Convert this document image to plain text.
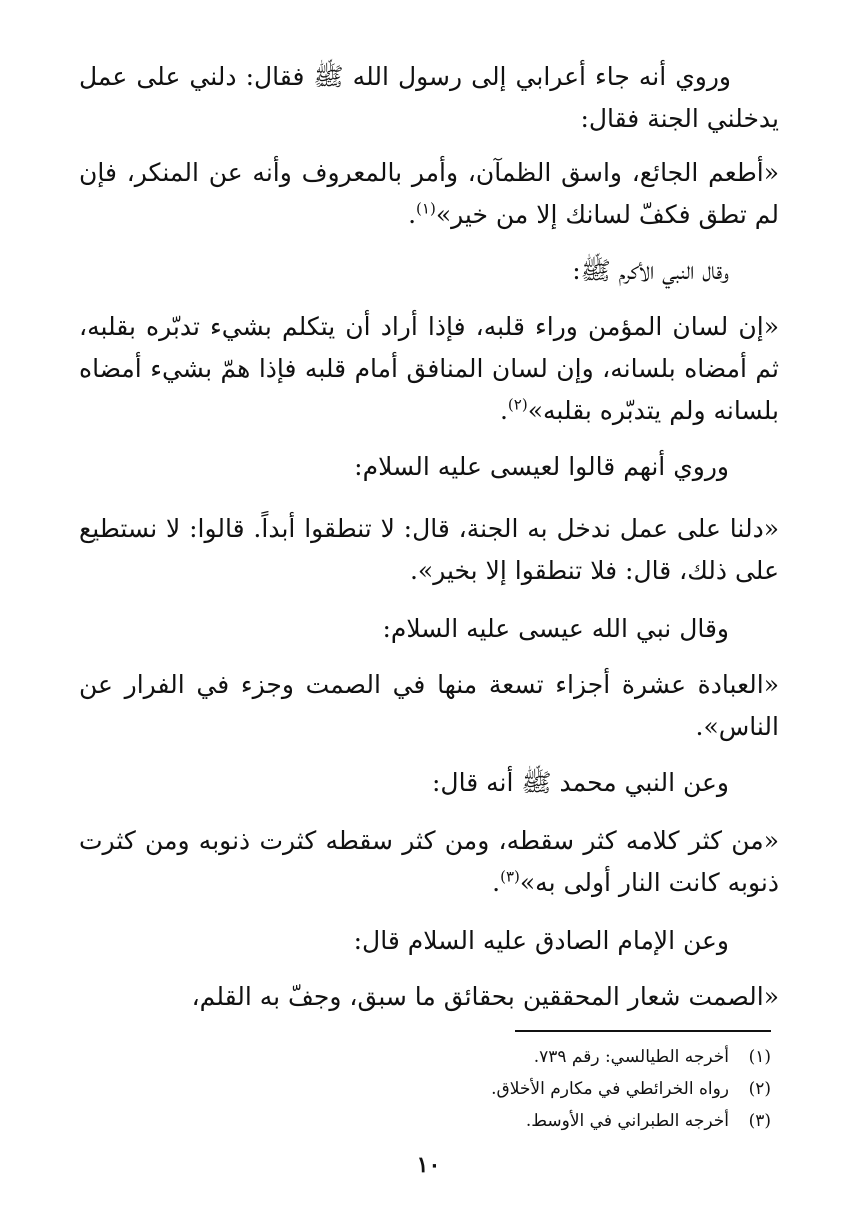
وروي أنه جاء أعرابي إلى رسول الله ﷺ فقال: دلني على عمل يدخلني الجنة فقال:

«أطعم الجائع، واسق الظمآن، وأمر بالمعروف وأنه عن المنكر، فإن لم تطق فكفّ لسانك إلا من خير»$^{(١)}$.

وقال النبي الأكرم ﷺ:

«إن لسان المؤمن وراء قلبه، فإذا أراد أن يتكلم بشيء تدبّره بقلبه، ثم أمضاه بلسانه، وإن لسان المنافق أمام قلبه فإذا همّ بشيء أمضاه بلسانه ولم يتدبّره بقلبه»$^{(٢)}$.

وروي أنهم قالوا لعيسى عليه السلام:

«دلنا على عمل ندخل به الجنة، قال: لا تنطقوا أبداً. قالوا: لا نستطيع على ذلك، قال: فلا تنطقوا إلا بخير».

وقال نبي الله عيسى عليه السلام:

«العبادة عشرة أجزاء تسعة منها في الصمت وجزء في الفرار عن الناس».

وعن النبي محمد ﷺ أنه قال:

«من كثر كلامه كثر سقطه، ومن كثر سقطه كثرت ذنوبه ومن كثرت ذنوبه كانت النار أولى به»$^{(٣)}$.

وعن الإمام الصادق عليه السلام قال:

«الصمت شعار المحققين بحقائق ما سبق، وجفّ به القلم،

(١)أخرجه الطيالسي: رقم ٧٣٩.

(٢)رواه الخرائطي في مكارم الأخلاق.

(٣)أخرجه الطبراني في الأوسط.

١٠
